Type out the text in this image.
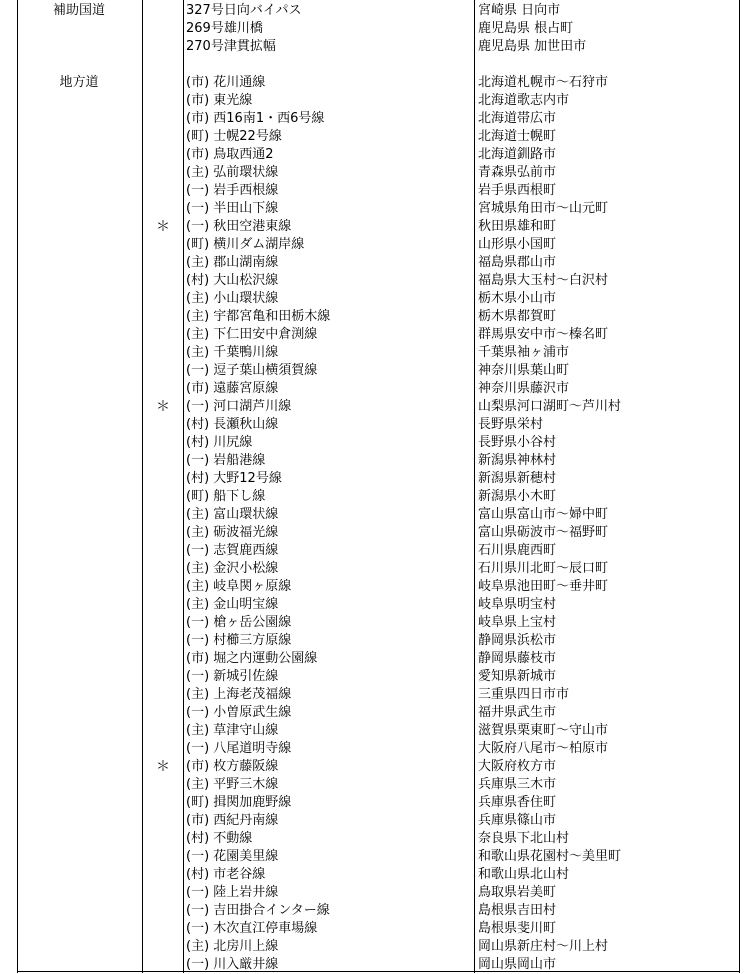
補助国道
地方道
327号日向バイパス	宮崎県 日向市
269号雄川橋	鹿児島県 根占町
270号津貫拡幅	鹿児島県 加世田市
(市) 花川通線	北海道札幌市～石狩市
(市) 東光線	北海道歌志内市
(市) 西16南1・西6号線	北海道帯広市
(町) 士幌22号線	北海道士幌町
(市) 鳥取西通2	北海道釧路市
(主) 弘前環状線	青森県弘前市
(一) 岩手西根線	岩手県西根町
(一) 半田山下線	宮城県角田市～山元町
＊	(一) 秋田空港東線	秋田県雄和町
(町) 横川ダム湖岸線	山形県小国町
(主) 郡山湖南線	福島県郡山市
(村) 大山松沢線	福島県大玉村～白沢村
(主) 小山環状線	栃木県小山市
(主) 宇都宮亀和田栃木線	栃木県都賀町
(主) 下仁田安中倉渕線	群馬県安中市～榛名町
(主) 千葉鴨川線	千葉県袖ヶ浦市
(一) 逗子葉山横須賀線	神奈川県葉山町
(市) 遠藤宮原線	神奈川県藤沢市
＊	(一) 河口湖芦川線	山梨県河口湖町～芦川村
(村) 長瀬秋山線	長野県栄村
(村) 川尻線	長野県小谷村
(一) 岩船港線	新潟県神林村
(村) 大野12号線	新潟県新穂村
(町) 船下し線	新潟県小木町
(主) 富山環状線	富山県富山市～婦中町
(主) 砺波福光線	富山県砺波市～福野町
(一) 志賀鹿西線	石川県鹿西町
(主) 金沢小松線	石川県川北町～辰口町
(主) 岐阜関ヶ原線	岐阜県池田町～垂井町
(主) 金山明宝線	岐阜県明宝村
(一) 槍ヶ岳公園線	岐阜県上宝村
(一) 村櫛三方原線	静岡県浜松市
(市) 堀之内運動公園線	静岡県藤枝市
(一) 新城引佐線	愛知県新城市
(主) 上海老茂福線	三重県四日市市
(一) 小曽原武生線	福井県武生市
(主) 草津守山線	滋賀県栗東町～守山市
(一) 八尾道明寺線	大阪府八尾市～柏原市
＊	(市) 枚方藤阪線	大阪府枚方市
(主) 平野三木線	兵庫県三木市
(町) 揖関加鹿野線	兵庫県香住町
(市) 西紀丹南線	兵庫県篠山市
(村) 不動線	奈良県下北山村
(一) 花園美里線	和歌山県花園村～美里町
(村) 市老谷線	和歌山県北山村
(一) 陸上岩井線	鳥取県岩美町
(一) 吉田掛合インター線	島根県吉田村
(一) 木次直江停車場線	島根県斐川町
(主) 北房川上線	岡山県新庄村～川上村
(一) 川入厳井線	岡山県岡山市
